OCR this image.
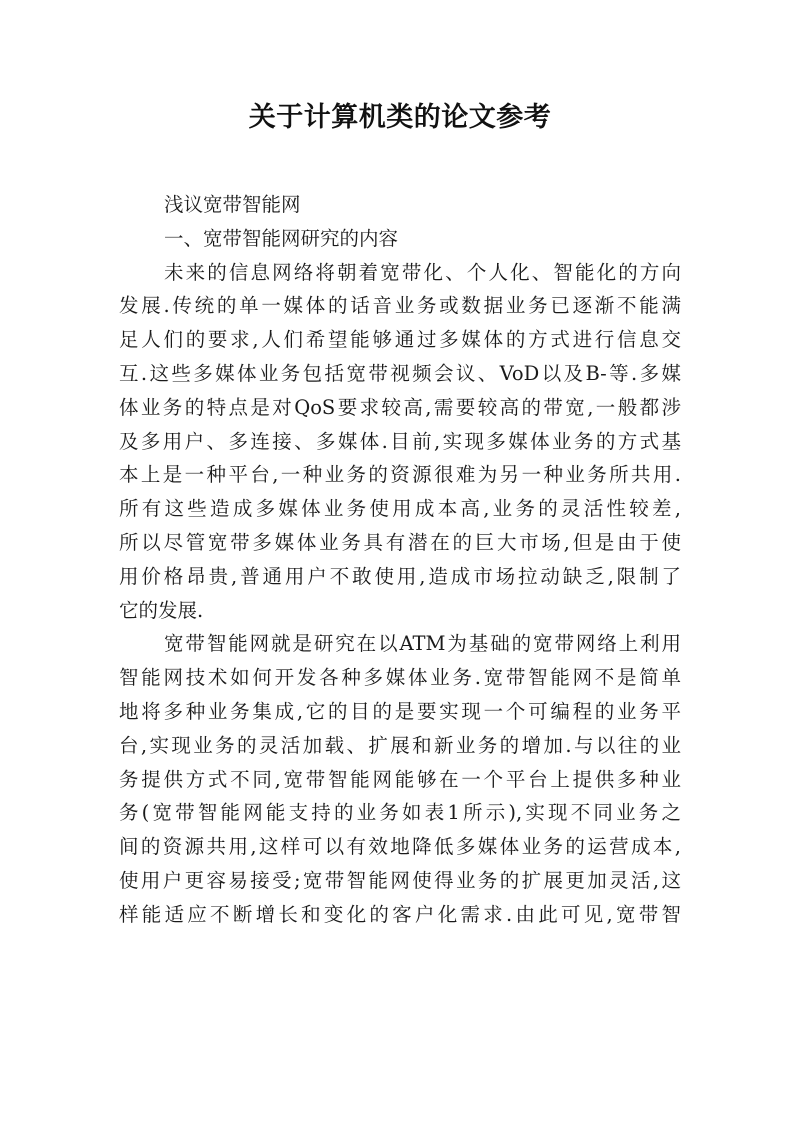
关于计算机类的论文参考
浅议宽带智能网
一、宽带智能网研究的内容
未来的信息网络将朝着宽带化、个人化、智能化的方向
发展.传统的单一媒体的话音业务或数据业务已逐渐不能满
足人们的要求,人们希望能够通过多媒体的方式进行信息交
互.这些多媒体业务包括宽带视频会议、VoD以及B-等.多媒
体业务的特点是对QoS要求较高,需要较高的带宽,一般都涉
及多用户、多连接、多媒体.目前,实现多媒体业务的方式基
本上是一种平台,一种业务的资源很难为另一种业务所共用.
所有这些造成多媒体业务使用成本高,业务的灵活性较差,
所以尽管宽带多媒体业务具有潜在的巨大市场,但是由于使
用价格昂贵,普通用户不敢使用,造成市场拉动缺乏,限制了
它的发展.
宽带智能网就是研究在以ATM为基础的宽带网络上利用
智能网技术如何开发各种多媒体业务.宽带智能网不是简单
地将多种业务集成,它的目的是要实现一个可编程的业务平
台,实现业务的灵活加载、扩展和新业务的增加.与以往的业
务提供方式不同,宽带智能网能够在一个平台上提供多种业
务(宽带智能网能支持的业务如表1所示),实现不同业务之
间的资源共用,这样可以有效地降低多媒体业务的运营成本,
使用户更容易接受;宽带智能网使得业务的扩展更加灵活,这
样能适应不断增长和变化的客户化需求.由此可见,宽带智
